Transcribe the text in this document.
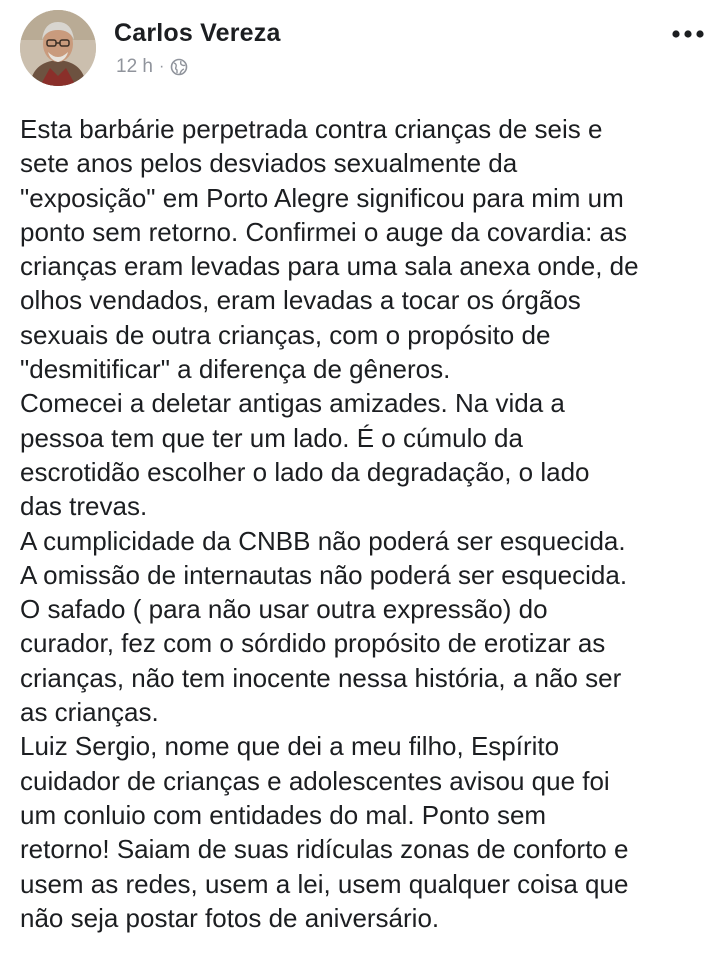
Carlos Vereza
12 h ·
Esta barbárie perpetrada contra crianças de seis e
sete anos pelos desviados sexualmente da
"exposição" em Porto Alegre significou para mim um
ponto sem retorno. Confirmei o auge da covardia: as
crianças eram levadas para uma sala anexa onde, de
olhos vendados, eram levadas a tocar os órgãos
sexuais de outra crianças, com o propósito de
"desmitificar" a diferença de gêneros.
Comecei a deletar antigas amizades. Na vida a
pessoa tem que ter um lado. É o cúmulo da
escrotidão escolher o lado da degradação, o lado
das trevas.
A cumplicidade da CNBB não poderá ser esquecida.
A omissão de internautas não poderá ser esquecida.
O safado ( para não usar outra expressão) do
curador, fez com o sórdido propósito de erotizar as
crianças, não tem inocente nessa história, a não ser
as crianças.
Luiz Sergio, nome que dei a meu filho, Espírito
cuidador de crianças e adolescentes avisou que foi
um conluio com entidades do mal. Ponto sem
retorno! Saiam de suas ridículas zonas de conforto e
usem as redes, usem a lei, usem qualquer coisa que
não seja postar fotos de aniversário.
